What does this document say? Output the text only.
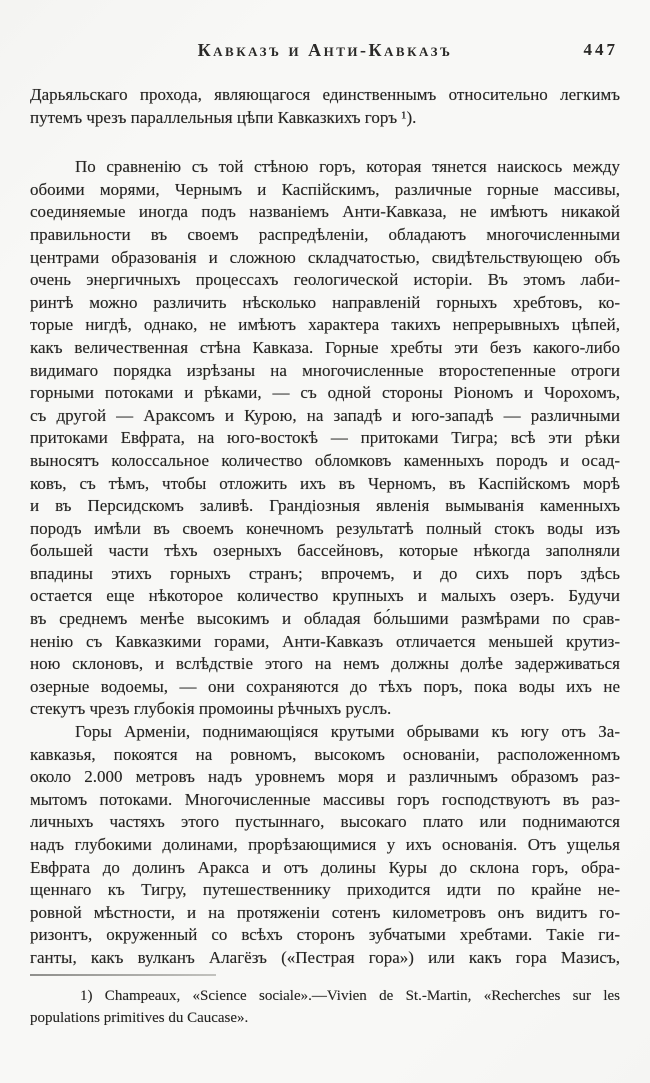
Кавказъ и Анти-Кавказъ	447
Дарьяльскаго прохода, являющагося единственнымъ относительно легкимъ
путемъ чрезъ параллельныя цѣпи Кавказкихъ горъ ¹).
По сравненію съ той стѣною горъ, которая тянется наискось между
обоими морями, Чернымъ и Каспійскимъ, различные горные массивы,
соединяемые иногда подъ названіемъ Анти-Кавказа, не имѣютъ никакой
правильности въ своемъ распредѣленіи, обладаютъ многочисленными
центрами образованія и сложною складчатостью, свидѣтельствующею объ
очень энергичныхъ процессахъ геологической исторіи. Въ этомъ лаби-
ринтѣ можно различить нѣсколько направленій горныхъ хребтовъ, ко-
торые нигдѣ, однако, не имѣютъ характера такихъ непрерывныхъ цѣпей,
какъ величественная стѣна Кавказа. Горные хребты эти безъ какого-либо
видимаго порядка изрѣзаны на многочисленные второстепенные отроги
горными потоками и рѣками, — съ одной стороны Ріономъ и Чорохомъ,
съ другой — Араксомъ и Курою, на западѣ и юго-западѣ — различными
притоками Евфрата, на юго-востокѣ — притоками Тигра; всѣ эти рѣки
выносятъ колоссальное количество обломковъ каменныхъ породъ и осад-
ковъ, съ тѣмъ, чтобы отложить ихъ въ Черномъ, въ Каспійскомъ морѣ
и въ Персидскомъ заливѣ. Грандіозныя явленія вымыванія каменныхъ
породъ имѣли въ своемъ конечномъ результатѣ полный стокъ воды изъ
большей части тѣхъ озерныхъ бассейновъ, которые нѣкогда заполняли
впадины этихъ горныхъ странъ; впрочемъ, и до сихъ поръ здѣсь
остается еще нѣкоторое количество крупныхъ и малыхъ озеръ. Будучи
въ среднемъ менѣе высокимъ и обладая бо́льшими размѣрами по срав-
ненію съ Кавказкими горами, Анти-Кавказъ отличается меньшей крутиз-
ною склоновъ, и вслѣдствіе этого на немъ должны долѣе задерживаться
озерные водоемы, — они сохраняются до тѣхъ поръ, пока воды ихъ не
стекутъ чрезъ глубокія промоины рѣчныхъ руслъ.
Горы Арменіи, поднимающіяся крутыми обрывами къ югу отъ За-
кавказья, покоятся на ровномъ, высокомъ основаніи, расположенномъ
около 2.000 метровъ надъ уровнемъ моря и различнымъ образомъ раз-
мытомъ потоками. Многочисленные массивы горъ господствуютъ въ раз-
личныхъ частяхъ этого пустыннаго, высокаго плато или поднимаются
надъ глубокими долинами, прорѣзающимися у ихъ основанія. Отъ ущелья
Евфрата до долинъ Аракса и отъ долины Куры до склона горъ, обра-
щеннаго къ Тигру, путешественнику приходится идти по крайне не-
ровной мѣстности, и на протяженіи сотенъ километровъ онъ видитъ го-
ризонтъ, окруженный со всѣхъ сторонъ зубчатыми хребтами. Такіе ги-
ганты, какъ вулканъ Алагёзъ («Пестрая гора») или какъ гора Мазисъ,
1) Champeaux, «Science sociale».—Vivien de St.-Martin, «Recherches sur les
populations primitives du Caucase».
